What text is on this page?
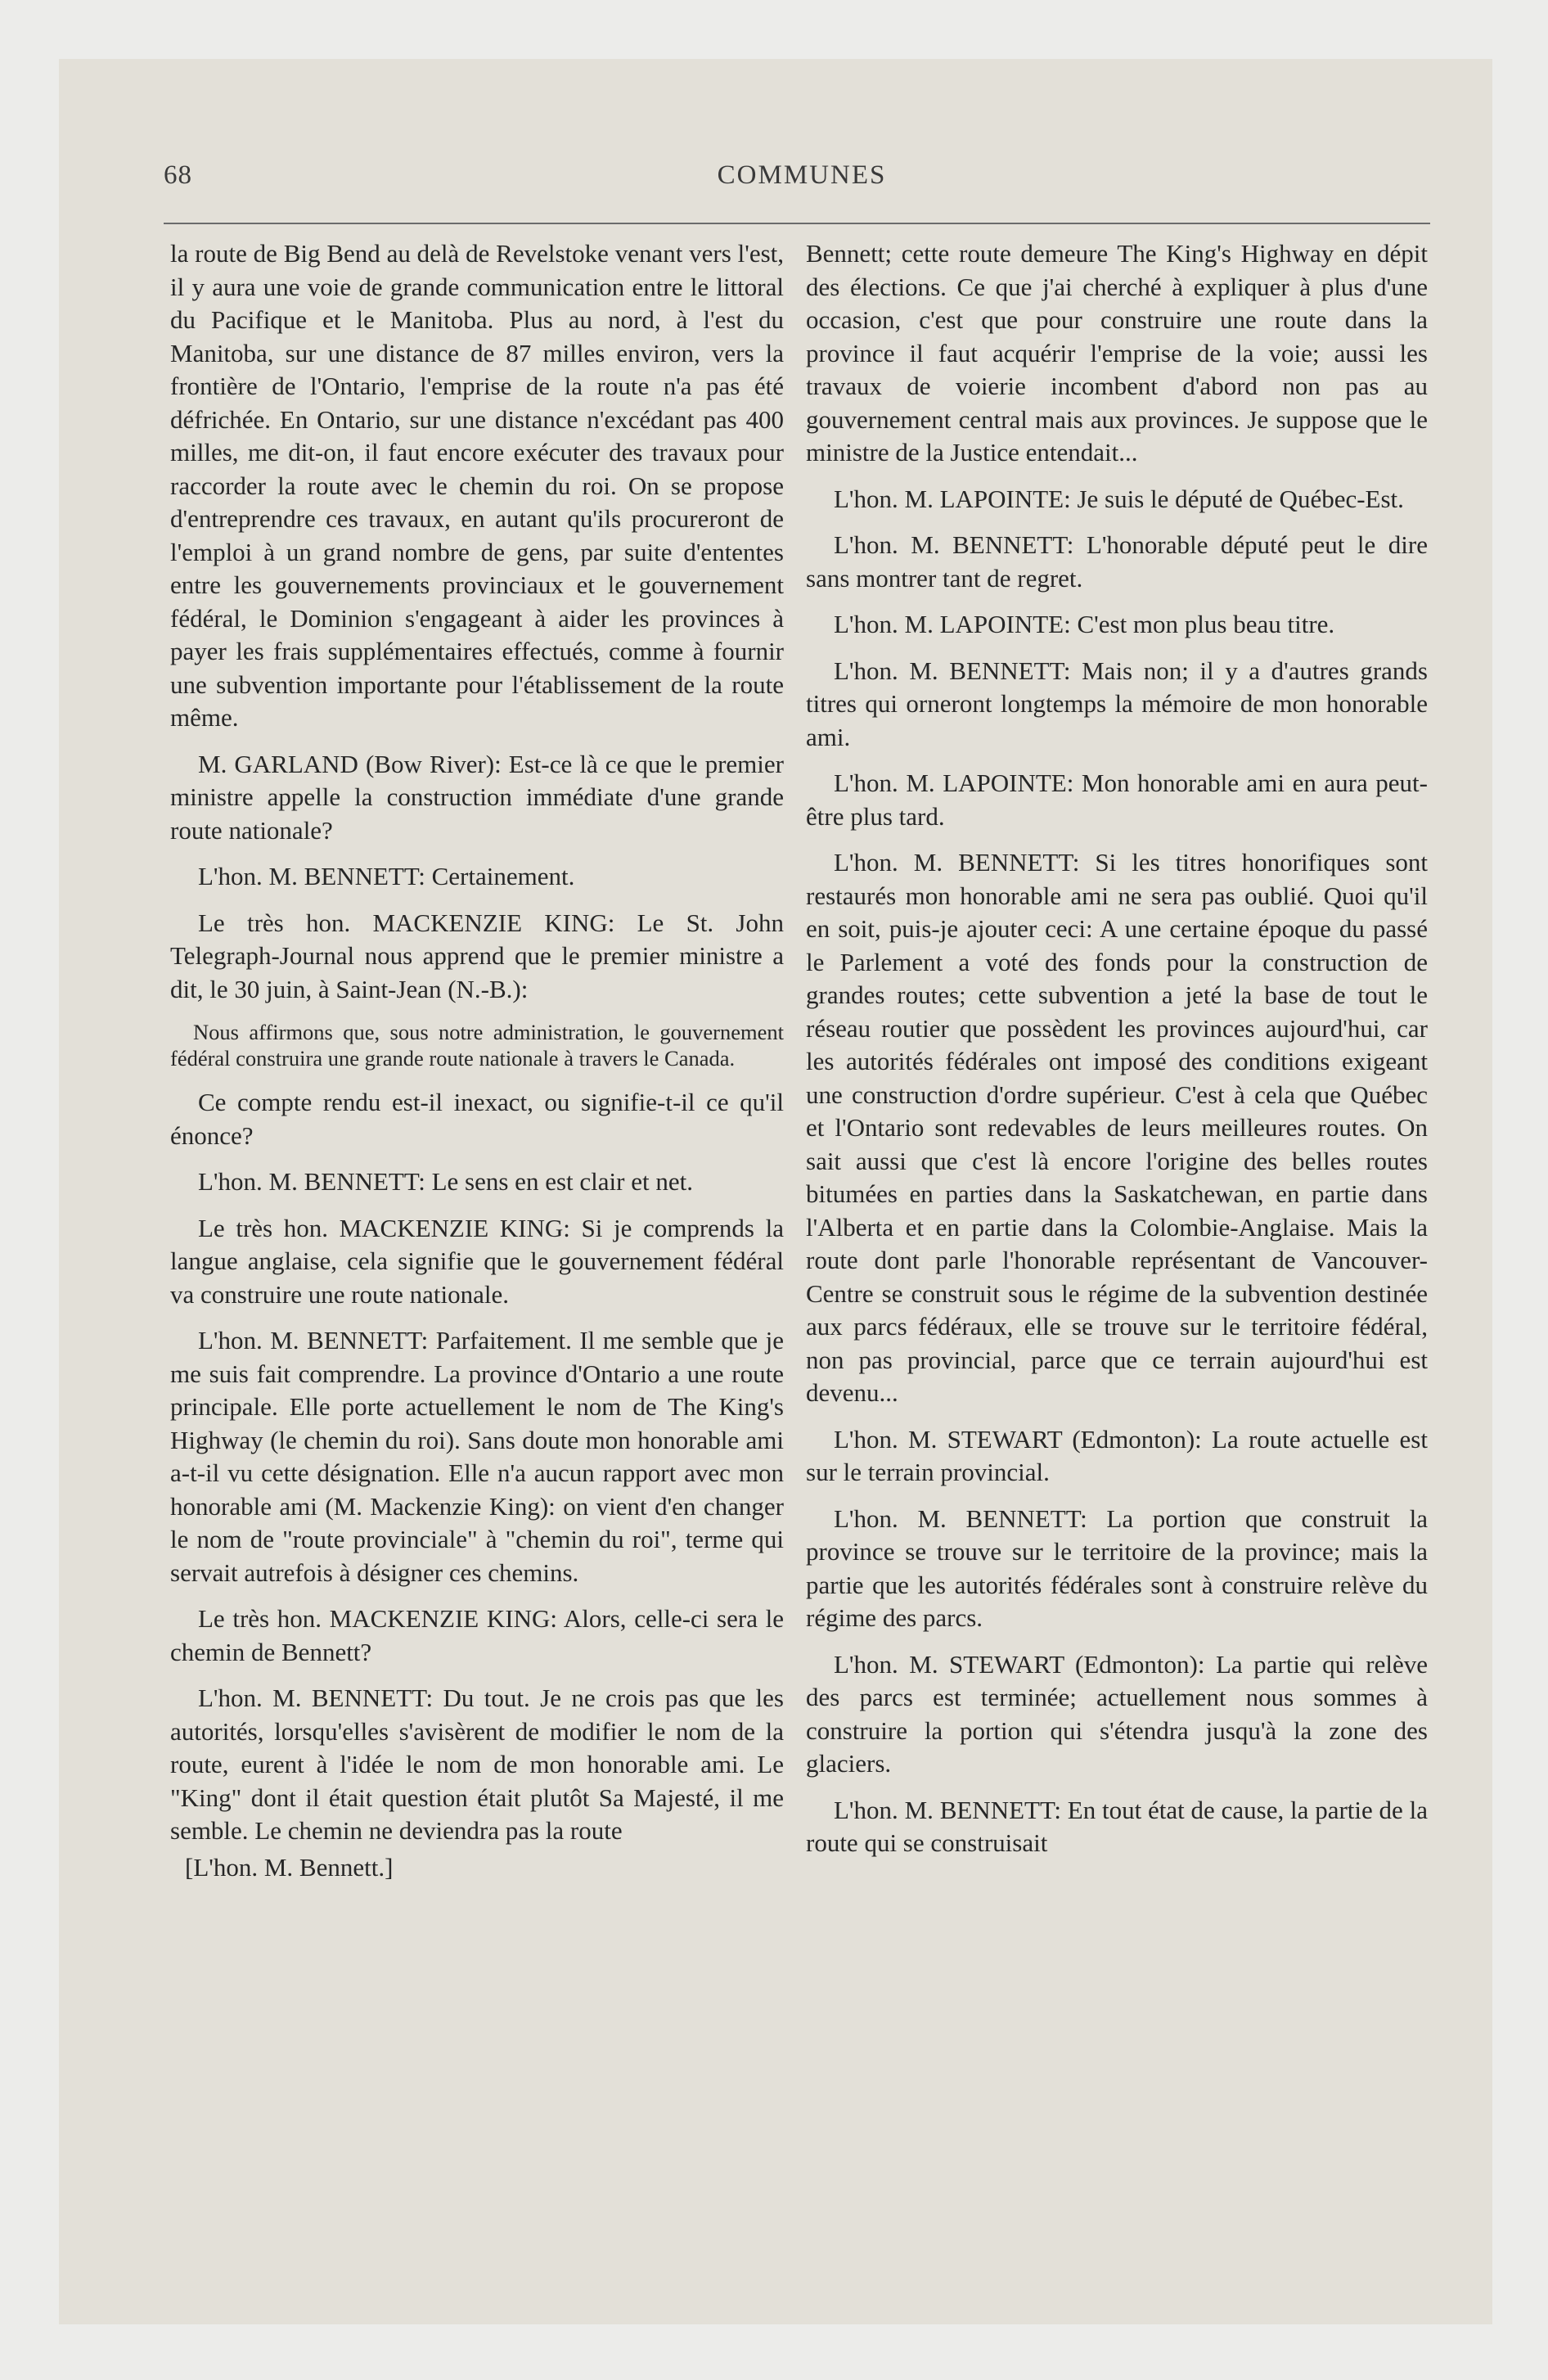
68	COMMUNES

la route de Big Bend au delà de Revelstoke venant vers l'est, il y aura une voie de grande communication entre le littoral du Pacifique et le Manitoba. Plus au nord, à l'est du Manitoba, sur une distance de 87 milles environ, vers la frontière de l'Ontario, l'emprise de la route n'a pas été défrichée. En Ontario, sur une distance n'excédant pas 400 milles, me dit-on, il faut encore exécuter des travaux pour raccorder la route avec le chemin du roi. On se propose d'entreprendre ces travaux, en autant qu'ils procureront de l'emploi à un grand nombre de gens, par suite d'ententes entre les gouvernements provinciaux et le gouvernement fédéral, le Dominion s'engageant à aider les provinces à payer les frais supplémentaires effectués, comme à fournir une subvention importante pour l'établissement de la route même.

M. GARLAND (Bow River): Est-ce là ce que le premier ministre appelle la construction immédiate d'une grande route nationale?

L'hon. M. BENNETT: Certainement.

Le très hon. MACKENZIE KING: Le St. John Telegraph-Journal nous apprend que le premier ministre a dit, le 30 juin, à Saint-Jean (N.-B.):

Nous affirmons que, sous notre administration, le gouvernement fédéral construira une grande route nationale à travers le Canada.

Ce compte rendu est-il inexact, ou signifie-t-il ce qu'il énonce?

L'hon. M. BENNETT: Le sens en est clair et net.

Le très hon. MACKENZIE KING: Si je comprends la langue anglaise, cela signifie que le gouvernement fédéral va construire une route nationale.

L'hon. M. BENNETT: Parfaitement. Il me semble que je me suis fait comprendre. La province d'Ontario a une route principale. Elle porte actuellement le nom de The King's Highway (le chemin du roi). Sans doute mon honorable ami a-t-il vu cette désignation. Elle n'a aucun rapport avec mon honorable ami (M. Mackenzie King): on vient d'en changer le nom de "route provinciale" à "chemin du roi", terme qui servait autrefois à désigner ces chemins.

Le très hon. MACKENZIE KING: Alors, celle-ci sera le chemin de Bennett?

L'hon. M. BENNETT: Du tout. Je ne crois pas que les autorités, lorsqu'elles s'avisèrent de modifier le nom de la route, eurent à l'idée le nom de mon honorable ami. Le "King" dont il était question était plutôt Sa Majesté, il me semble. Le chemin ne deviendra pas la route

[L'hon. M. Bennett.]

Bennett; cette route demeure The King's Highway en dépit des élections. Ce que j'ai cherché à expliquer à plus d'une occasion, c'est que pour construire une route dans la province il faut acquérir l'emprise de la voie; aussi les travaux de voierie incombent d'abord non pas au gouvernement central mais aux provinces. Je suppose que le ministre de la Justice entendait...

L'hon. M. LAPOINTE: Je suis le député de Québec-Est.

L'hon. M. BENNETT: L'honorable député peut le dire sans montrer tant de regret.

L'hon. M. LAPOINTE: C'est mon plus beau titre.

L'hon. M. BENNETT: Mais non; il y a d'autres grands titres qui orneront longtemps la mémoire de mon honorable ami.

L'hon. M. LAPOINTE: Mon honorable ami en aura peut-être plus tard.

L'hon. M. BENNETT: Si les titres honorifiques sont restaurés mon honorable ami ne sera pas oublié. Quoi qu'il en soit, puis-je ajouter ceci: A une certaine époque du passé le Parlement a voté des fonds pour la construction de grandes routes; cette subvention a jeté la base de tout le réseau routier que possèdent les provinces aujourd'hui, car les autorités fédérales ont imposé des conditions exigeant une construction d'ordre supérieur. C'est à cela que Québec et l'Ontario sont redevables de leurs meilleures routes. On sait aussi que c'est là encore l'origine des belles routes bitumées en parties dans la Saskatchewan, en partie dans l'Alberta et en partie dans la Colombie-Anglaise. Mais la route dont parle l'honorable représentant de Vancouver-Centre se construit sous le régime de la subvention destinée aux parcs fédéraux, elle se trouve sur le territoire fédéral, non pas provincial, parce que ce terrain aujourd'hui est devenu...

L'hon. M. STEWART (Edmonton): La route actuelle est sur le terrain provincial.

L'hon. M. BENNETT: La portion que construit la province se trouve sur le territoire de la province; mais la partie que les autorités fédérales sont à construire relève du régime des parcs.

L'hon. M. STEWART (Edmonton): La partie qui relève des parcs est terminée; actuellement nous sommes à construire la portion qui s'étendra jusqu'à la zone des glaciers.

L'hon. M. BENNETT: En tout état de cause, la partie de la route qui se construisait
